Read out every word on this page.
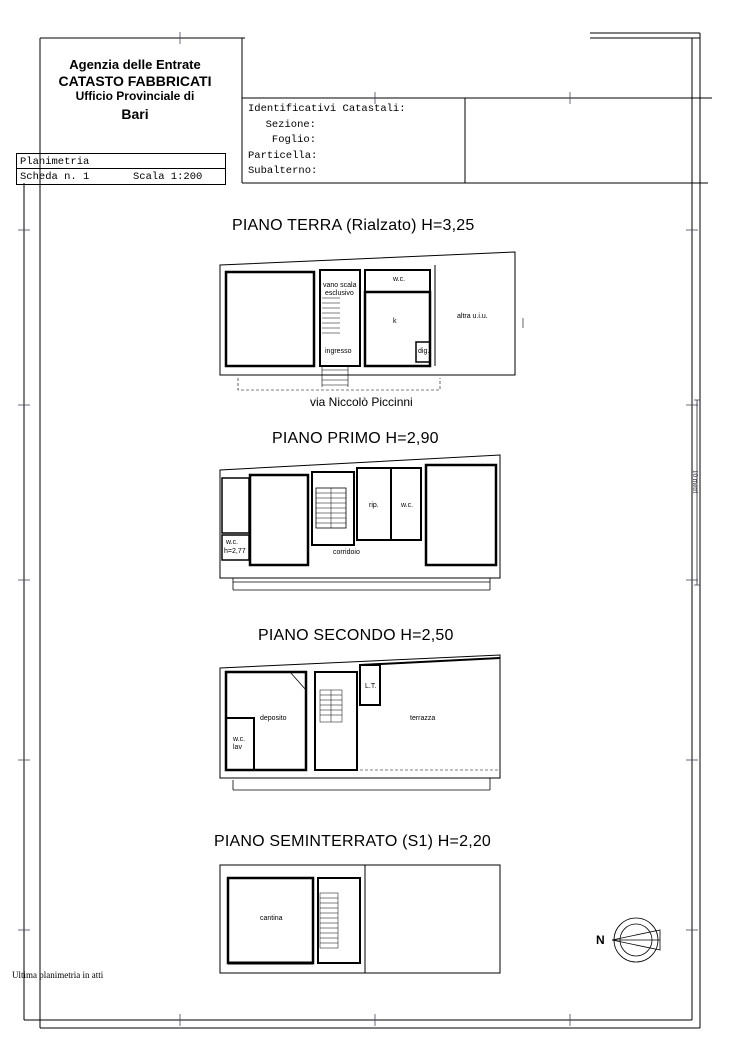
Agenzia delle Entrate
CATASTO FABBRICATI
Ufficio Provinciale di
Bari	Identificativi Catastali:
Sezione:
Foglio:
Particella:
Subalterno:
Planimetria
Scheda n. 1	Scala 1:200
PIANO TERRA (Rialzato) H=3,25
PIANO PRIMO H=2,90
PIANO SECONDO H=2,50
PIANO SEMINTERRATO (S1) H=2,20
vano scala
esclusivo
w.c.
k
altra u.i.u.
ingresso	dig.
via Niccolò Piccinni
rip.	w.c.
w.c.
h=2,77	corridoio
L.T.
deposito	terrazza
w.c.
lav
cantina
N
10 metri
Ultima planimetria in atti
